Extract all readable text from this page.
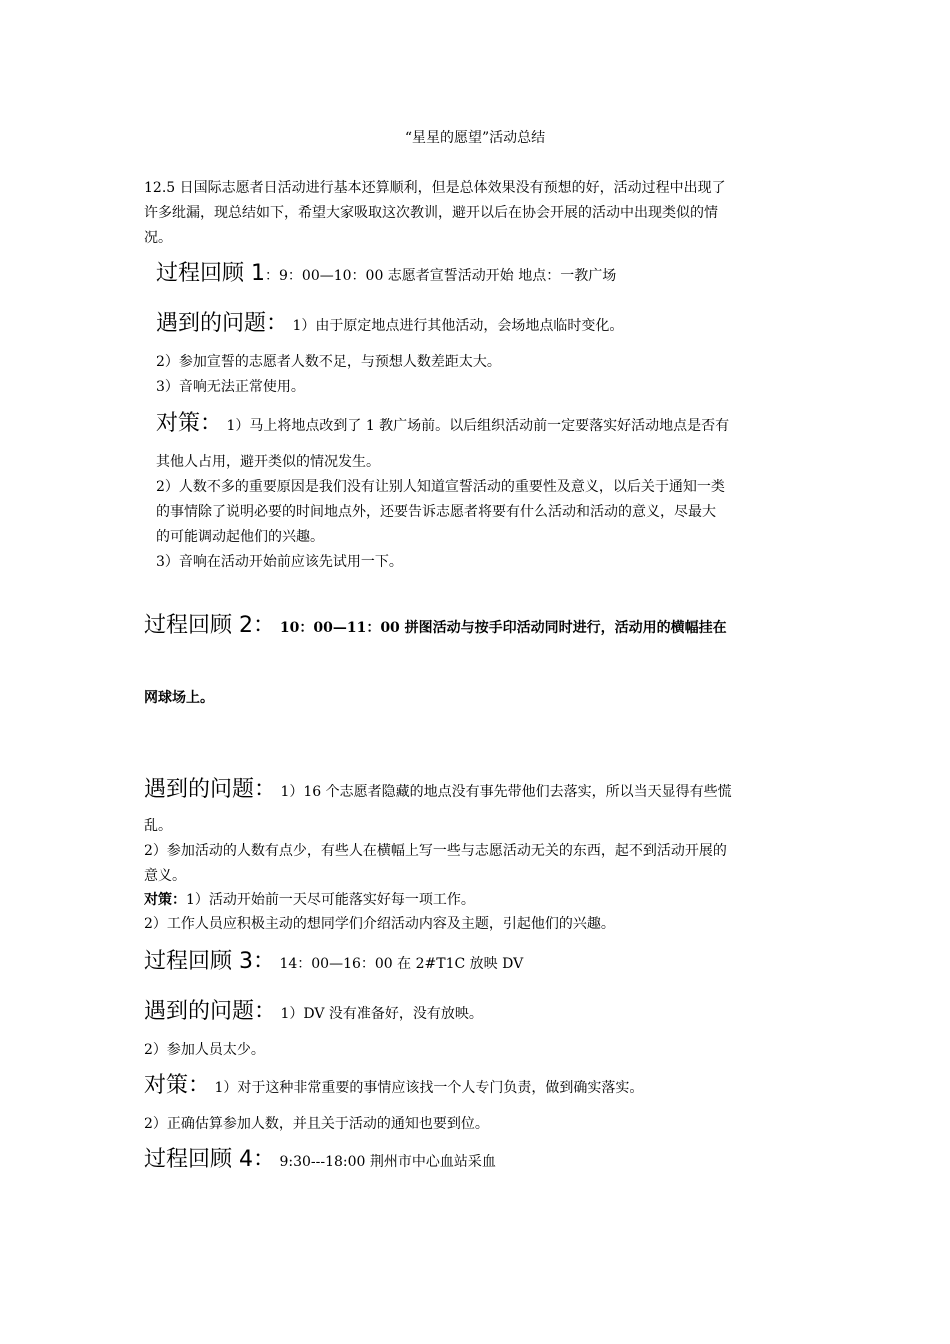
“星星的愿望”活动总结

12.5 日国际志愿者日活动进行基本还算顺利，但是总体效果没有预想的好，活动过程中出现了

许多纰漏，现总结如下，希望大家吸取这次教训，避开以后在协会开展的活动中出现类似的情

况。

过程回顾 1：9：00—10：00 志愿者宣誓活动开始 地点：一教广场

遇到的问题： 1）由于原定地点进行其他活动，会场地点临时变化。

2）参加宣誓的志愿者人数不足，与预想人数差距太大。

3）音响无法正常使用。

对策： 1）马上将地点改到了 1 教广场前。以后组织活动前一定要落实好活动地点是否有

其他人占用，避开类似的情况发生。

2）人数不多的重要原因是我们没有让别人知道宣誓活动的重要性及意义，以后关于通知一类

的事情除了说明必要的时间地点外，还要告诉志愿者将要有什么活动和活动的意义，尽最大

的可能调动起他们的兴趣。

3）音响在活动开始前应该先试用一下。

过程回顾 2： 10：00—11：00 拼图活动与按手印活动同时进行，活动用的横幅挂在

网球场上。

遇到的问题： 1）16 个志愿者隐藏的地点没有事先带他们去落实，所以当天显得有些慌

乱。

2）参加活动的人数有点少，有些人在横幅上写一些与志愿活动无关的东西，起不到活动开展的

意义。

对策：1）活动开始前一天尽可能落实好每一项工作。

2）工作人员应积极主动的想同学们介绍活动内容及主题，引起他们的兴趣。

过程回顾 3： 14：00—16：00 在 2#T1C 放映 DV

遇到的问题： 1）DV 没有准备好，没有放映。

2）参加人员太少。

对策： 1）对于这种非常重要的事情应该找一个人专门负责，做到确实落实。

2）正确估算参加人数，并且关于活动的通知也要到位。

过程回顾 4： 9:30---18:00 荆州市中心血站采血
